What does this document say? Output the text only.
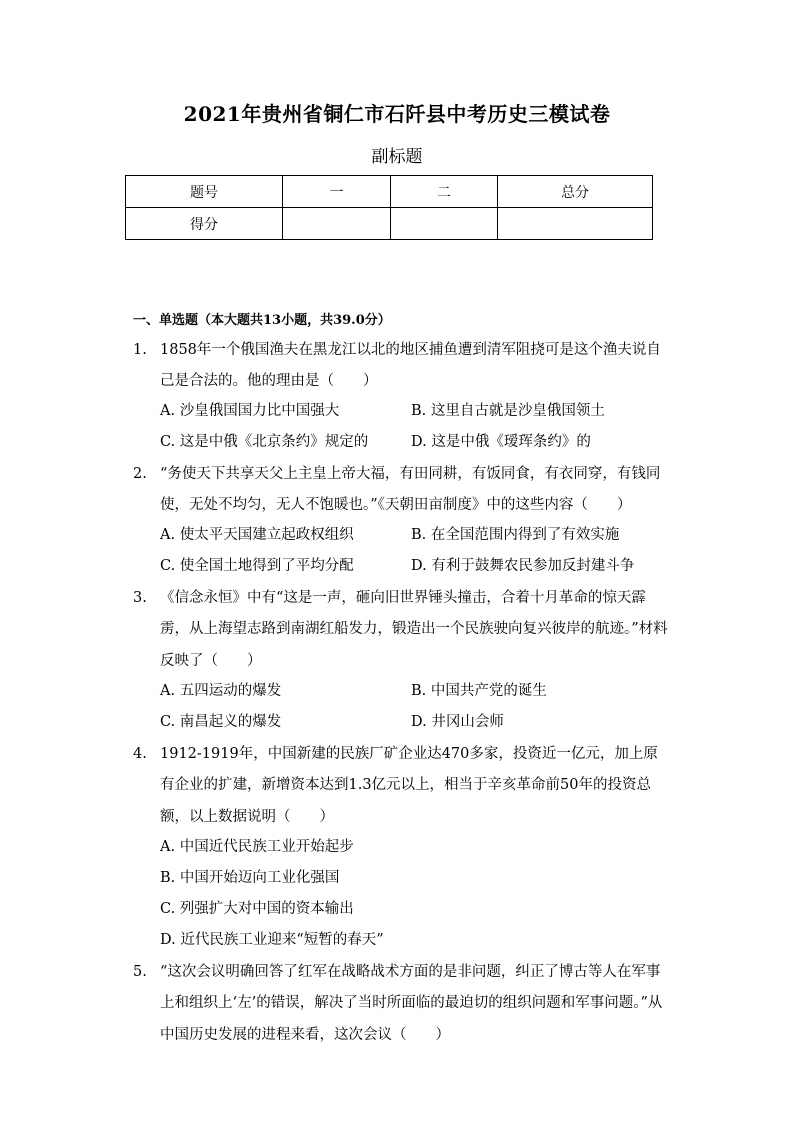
2021年贵州省铜仁市石阡县中考历史三模试卷
副标题
题号	一	二	总分
得分			
一、单选题（本大题共13小题，共39.0分）
1. 1858年一个俄国渔夫在黑龙江以北的地区捕鱼遭到清军阻挠可是这个渔夫说自己是合法的。他的理由是（　　）
A. 沙皇俄国国力比中国强大	B. 这里自古就是沙皇俄国领土
C. 这是中俄《北京条约》规定的	D. 这是中俄《瑷珲条约》的
2. “务使天下共享天父上主皇上帝大福，有田同耕，有饭同食，有衣同穿，有钱同使，无处不均匀，无人不饱暖也。”《天朝田亩制度》中的这些内容（　　）
A. 使太平天国建立起政权组织	B. 在全国范围内得到了有效实施
C. 使全国土地得到了平均分配	D. 有利于鼓舞农民参加反封建斗争
3. 《信念永恒》中有“这是一声，砸向旧世界锤头撞击，合着十月革命的惊天霹雳，从上海望志路到南湖红船发力，锻造出一个民族驶向复兴彼岸的航迹。”材料反映了（　　）
A. 五四运动的爆发	B. 中国共产党的诞生
C. 南昌起义的爆发	D. 井冈山会师
4. 1912-1919年，中国新建的民族厂矿企业达470多家，投资近一亿元，加上原有企业的扩建，新增资本达到1.3亿元以上，相当于辛亥革命前50年的投资总额，以上数据说明（　　）
A. 中国近代民族工业开始起步
B. 中国开始迈向工业化强国
C. 列强扩大对中国的资本输出
D. 近代民族工业迎来“短暂的春天”
5. “这次会议明确回答了红军在战略战术方面的是非问题，纠正了博古等人在军事上和组织上‘左’的错误，解决了当时所面临的最迫切的组织问题和军事问题。”从中国历史发展的进程来看，这次会议（　　）
